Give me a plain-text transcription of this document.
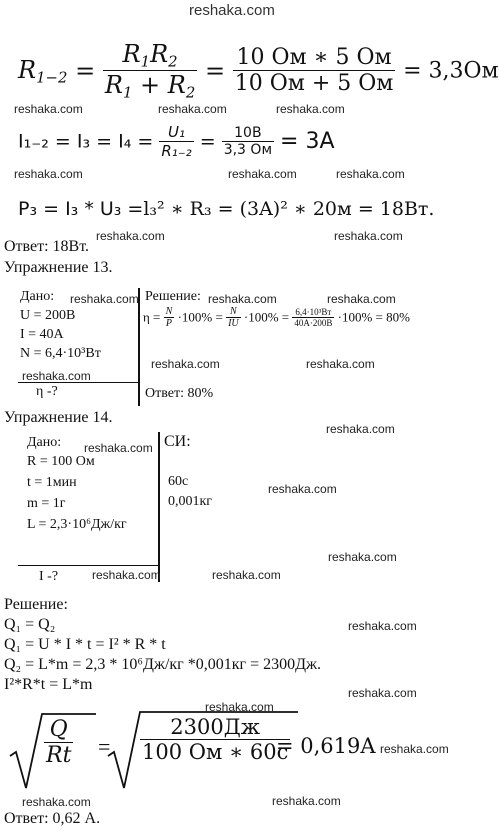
reshaka.com
$R_{1-2} = \frac{R_1R_2}{R_1 + R_2} = \frac{10 Ом ∗ 5 Ом}{10 Ом + 5 Ом} = 3,3Ом$
reshaka.com	reshaka.com	reshaka.com
$I_{1-2} = I_3 = I_4 = \frac{\text{U₁}}{\text{R₁₋₂}} = \frac{10В}{3,3 Ом} = 3A$
reshaka.com	reshaka.com	reshaka.com
P₃ = I₃ * U₃ =l₃² ∗ R₃ = (3A)² ∗ 20м = 18Вт.
reshaka.com	reshaka.com
Ответ: 18Вт.
Упражнение 13.
Дано:
U = 200В
I = 40А
N = 6,4·10³Вт
η -?
reshaka.com
reshaka.com
Решение: reshaka.com	reshaka.com
$\eta = \frac{N}{P} \cdot 100\% = \frac{N}{IU} \cdot 100\% = \frac{\text{6,4·10³Вт}}{40А\cdot 200В} \cdot 100\% = 80\%$
reshaka.com	reshaka.com
Ответ: 80%
Упражнение 14.
reshaka.com
Дано: reshaka.com
R = 100 Ом
t = 1мин
m = 1г
L = 2,3·10⁶Дж/кг
I -?	reshaka.com
СИ:
60с
0,001кг
reshaka.com
reshaka.com
reshaka.com
Решение:
Q₁ = Q₂
Q₁ = U * I * t = I² * R * t
Q₂ = L*m = 2,3 * 10⁶Дж/кг *0,001кг = 2300Дж.
I²*R*t = L*m
reshaka.com
reshaka.com
reshaka.com
$\frac{Q}{Rt} = \frac{2300Дж}{100 Ом ∗ 60с}$
= 0,619A reshaka.com
reshaka.com	reshaka.com
Ответ: 0,62 А.
